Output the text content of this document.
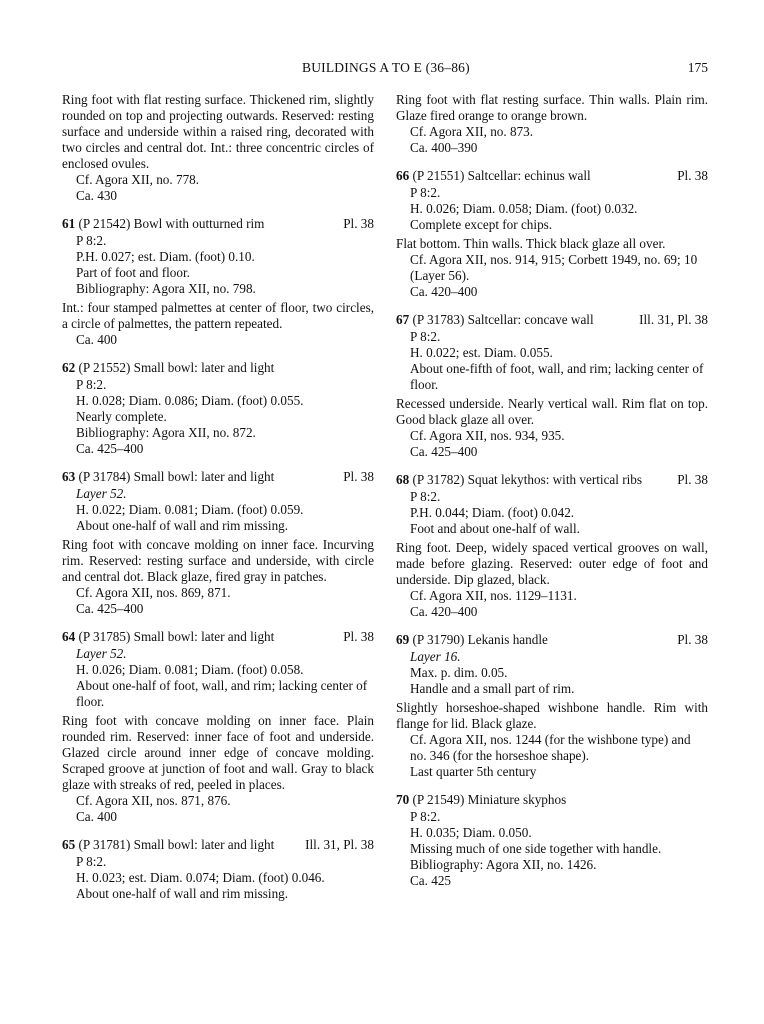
BUILDINGS A TO E (36–86)	175

Ring foot with flat resting surface. Thickened rim, slightly rounded on top and projecting outwards. Reserved: resting surface and underside within a raised ring, decorated with two circles and central dot. Int.: three concentric circles of enclosed ovules.

Cf. Agora XII, no. 778.

Ca. 430

61 (P 21542) Bowl with outturned rim	Pl. 38

P 8:2.

P.H. 0.027; est. Diam. (foot) 0.10.

Part of foot and floor.

Bibliography: Agora XII, no. 798.

Int.: four stamped palmettes at center of floor, two circles, a circle of palmettes, the pattern repeated.

Ca. 400

62 (P 21552) Small bowl: later and light

P 8:2.

H. 0.028; Diam. 0.086; Diam. (foot) 0.055.

Nearly complete.

Bibliography: Agora XII, no. 872.

Ca. 425–400

63 (P 31784) Small bowl: later and light	Pl. 38

Layer 52.

H. 0.022; Diam. 0.081; Diam. (foot) 0.059.

About one-half of wall and rim missing.

Ring foot with concave molding on inner face. Incurving rim. Reserved: resting surface and underside, with circle and central dot. Black glaze, fired gray in patches.

Cf. Agora XII, nos. 869, 871.

Ca. 425–400

64 (P 31785) Small bowl: later and light	Pl. 38

Layer 52.

H. 0.026; Diam. 0.081; Diam. (foot) 0.058.

About one-half of foot, wall, and rim; lacking center of floor.

Ring foot with concave molding on inner face. Plain rounded rim. Reserved: inner face of foot and underside. Glazed circle around inner edge of concave molding. Scraped groove at junction of foot and wall. Gray to black glaze with streaks of red, peeled in places.

Cf. Agora XII, nos. 871, 876.

Ca. 400

65 (P 31781) Small bowl: later and light Ill. 31, Pl. 38

P 8:2.

H. 0.023; est. Diam. 0.074; Diam. (foot) 0.046.

About one-half of wall and rim missing.

Ring foot with flat resting surface. Thin walls. Plain rim. Glaze fired orange to orange brown.

Cf. Agora XII, no. 873.

Ca. 400–390

66 (P 21551) Saltcellar: echinus wall	Pl. 38

P 8:2.

H. 0.026; Diam. 0.058; Diam. (foot) 0.032.

Complete except for chips.

Flat bottom. Thin walls. Thick black glaze all over.

Cf. Agora XII, nos. 914, 915; Corbett 1949, no. 69; 10 (Layer 56).

Ca. 420–400

67 (P 31783) Saltcellar: concave wall	Ill. 31, Pl. 38

P 8:2.

H. 0.022; est. Diam. 0.055.

About one-fifth of foot, wall, and rim; lacking center of floor.

Recessed underside. Nearly vertical wall. Rim flat on top. Good black glaze all over.

Cf. Agora XII, nos. 934, 935.

Ca. 425–400

68 (P 31782) Squat lekythos: with vertical ribs	Pl. 38

P 8:2.

P.H. 0.044; Diam. (foot) 0.042.

Foot and about one-half of wall.

Ring foot. Deep, widely spaced vertical grooves on wall, made before glazing. Reserved: outer edge of foot and underside. Dip glazed, black.

Cf. Agora XII, nos. 1129–1131.

Ca. 420–400

69 (P 31790) Lekanis handle	Pl. 38

Layer 16.

Max. p. dim. 0.05.

Handle and a small part of rim.

Slightly horseshoe-shaped wishbone handle. Rim with flange for lid. Black glaze.

Cf. Agora XII, nos. 1244 (for the wishbone type) and no. 346 (for the horseshoe shape).

Last quarter 5th century

70 (P 21549) Miniature skyphos

P 8:2.

H. 0.035; Diam. 0.050.

Missing much of one side together with handle.

Bibliography: Agora XII, no. 1426.

Ca. 425
